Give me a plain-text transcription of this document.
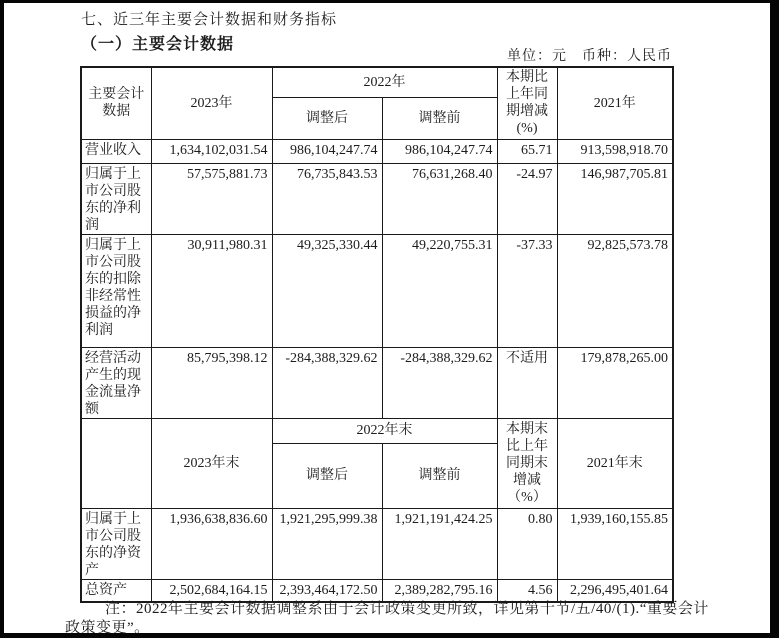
七、近三年主要会计数据和财务指标
（一）主要会计数据
单位：元　币种：人民币
主要会计数据	2023年	2022年		本期比上年同期增减(%)	2021年
		调整后	调整前		
营业收入	1,634,102,031.54	986,104,247.74	986,104,247.74	65.71	913,598,918.70
归属于上市公司股东的净利润	57,575,881.73	76,735,843.53	76,631,268.40	-24.97	146,987,705.81
归属于上市公司股东的扣除非经常性损益的净利润	30,911,980.31	49,325,330.44	49,220,755.31	-37.33	92,825,573.78
经营活动产生的现金流量净额	85,795,398.12	-284,388,329.62	-284,388,329.62	不适用	179,878,265.00
	2023年末	2022年末		本期末比上年同期末增减（%）	2021年末
		调整后	调整前		
归属于上市公司股东的净资产	1,936,638,836.60	1,921,295,999.38	1,921,191,424.25	0.80	1,939,160,155.85
总资产	2,502,684,164.15	2,393,464,172.50	2,389,282,795.16	4.56	2,296,495,401.64
注：2022年主要会计数据调整系由于会计政策变更所致，详见第十节/五/40/(1).“重要会计政策变更”。
